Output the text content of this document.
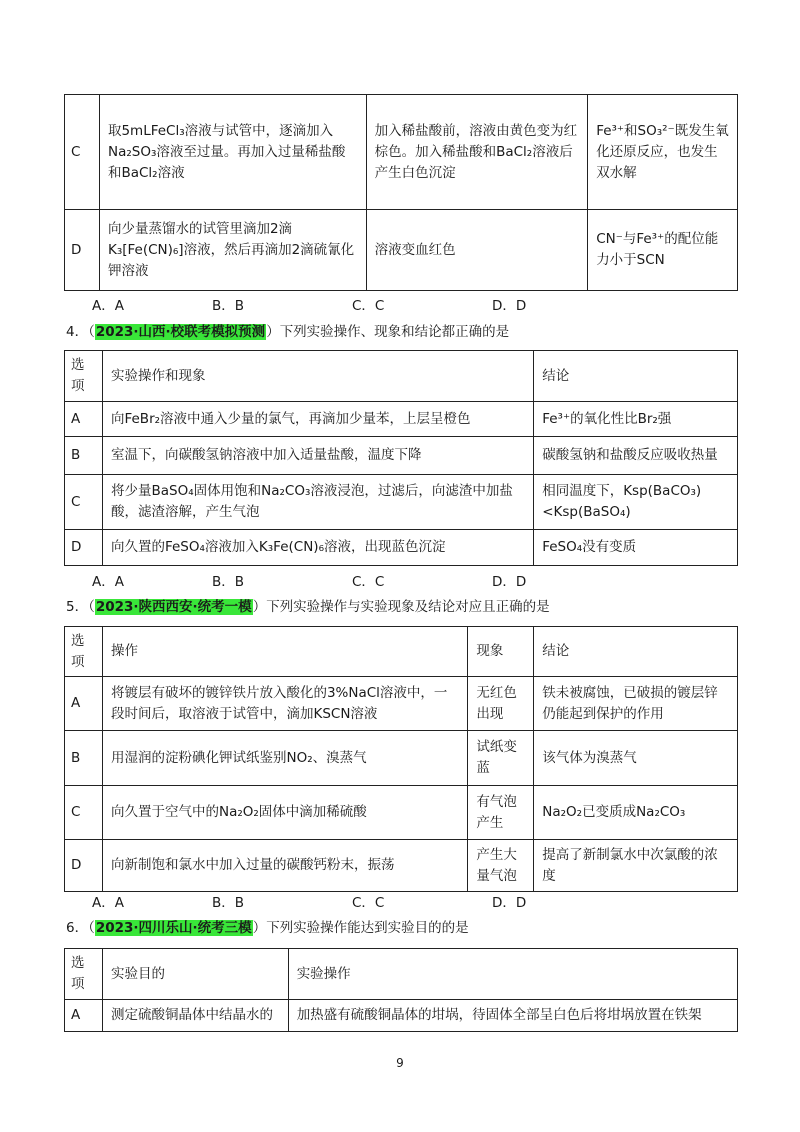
C	取5mLFeCl₃溶液与试管中，逐滴加入Na₂SO₃溶液至过量。再加入过量稀盐酸和BaCl₂溶液	加入稀盐酸前，溶液由黄色变为红棕色。加入稀盐酸和BaCl₂溶液后产生白色沉淀	Fe³⁺和SO₃²⁻既发生氧化还原反应，也发生双水解
D	向少量蒸馏水的试管里滴加2滴K₃[Fe(CN)₆]溶液，然后再滴加2滴硫氰化钾溶液	溶液变血红色	CN⁻与Fe³⁺的配位能力小于SCN
A．A	B．B	C．C	D．D
4．（2023·山西·校联考模拟预测）下列实验操作、现象和结论都正确的是
选项	实验操作和现象	结论
A	向FeBr₂溶液中通入少量的氯气，再滴加少量苯，上层呈橙色	Fe³⁺的氧化性比Br₂强
B	室温下，向碳酸氢钠溶液中加入适量盐酸，温度下降	碳酸氢钠和盐酸反应吸收热量
C	将少量BaSO₄固体用饱和Na₂CO₃溶液浸泡，过滤后，向滤渣中加盐酸，滤渣溶解，产生气泡	相同温度下，Ksp(BaCO₃)<Ksp(BaSO₄)
D	向久置的FeSO₄溶液加入K₃Fe(CN)₆溶液，出现蓝色沉淀	FeSO₄没有变质
A．A	B．B	C．C	D．D
5．（2023·陕西西安·统考一模）下列实验操作与实验现象及结论对应且正确的是
选项	操作	现象	结论
A	将镀层有破坏的镀锌铁片放入酸化的3%NaCl溶液中，一段时间后，取溶液于试管中，滴加KSCN溶液	无红色出现	铁未被腐蚀，已破损的镀层锌仍能起到保护的作用
B	用湿润的淀粉碘化钾试纸鉴别NO₂、溴蒸气	试纸变蓝	该气体为溴蒸气
C	向久置于空气中的Na₂O₂固体中滴加稀硫酸	有气泡产生	Na₂O₂已变质成Na₂CO₃
D	向新制饱和氯水中加入过量的碳酸钙粉末，振荡	产生大量气泡	提高了新制氯水中次氯酸的浓度
A．A	B．B	C．C	D．D
6．（2023·四川乐山·统考三模）下列实验操作能达到实验目的的是
选项	实验目的	实验操作
A	测定硫酸铜晶体中结晶水的	加热盛有硫酸铜晶体的坩埚，待固体全部呈白色后将坩埚放置在铁架
9
